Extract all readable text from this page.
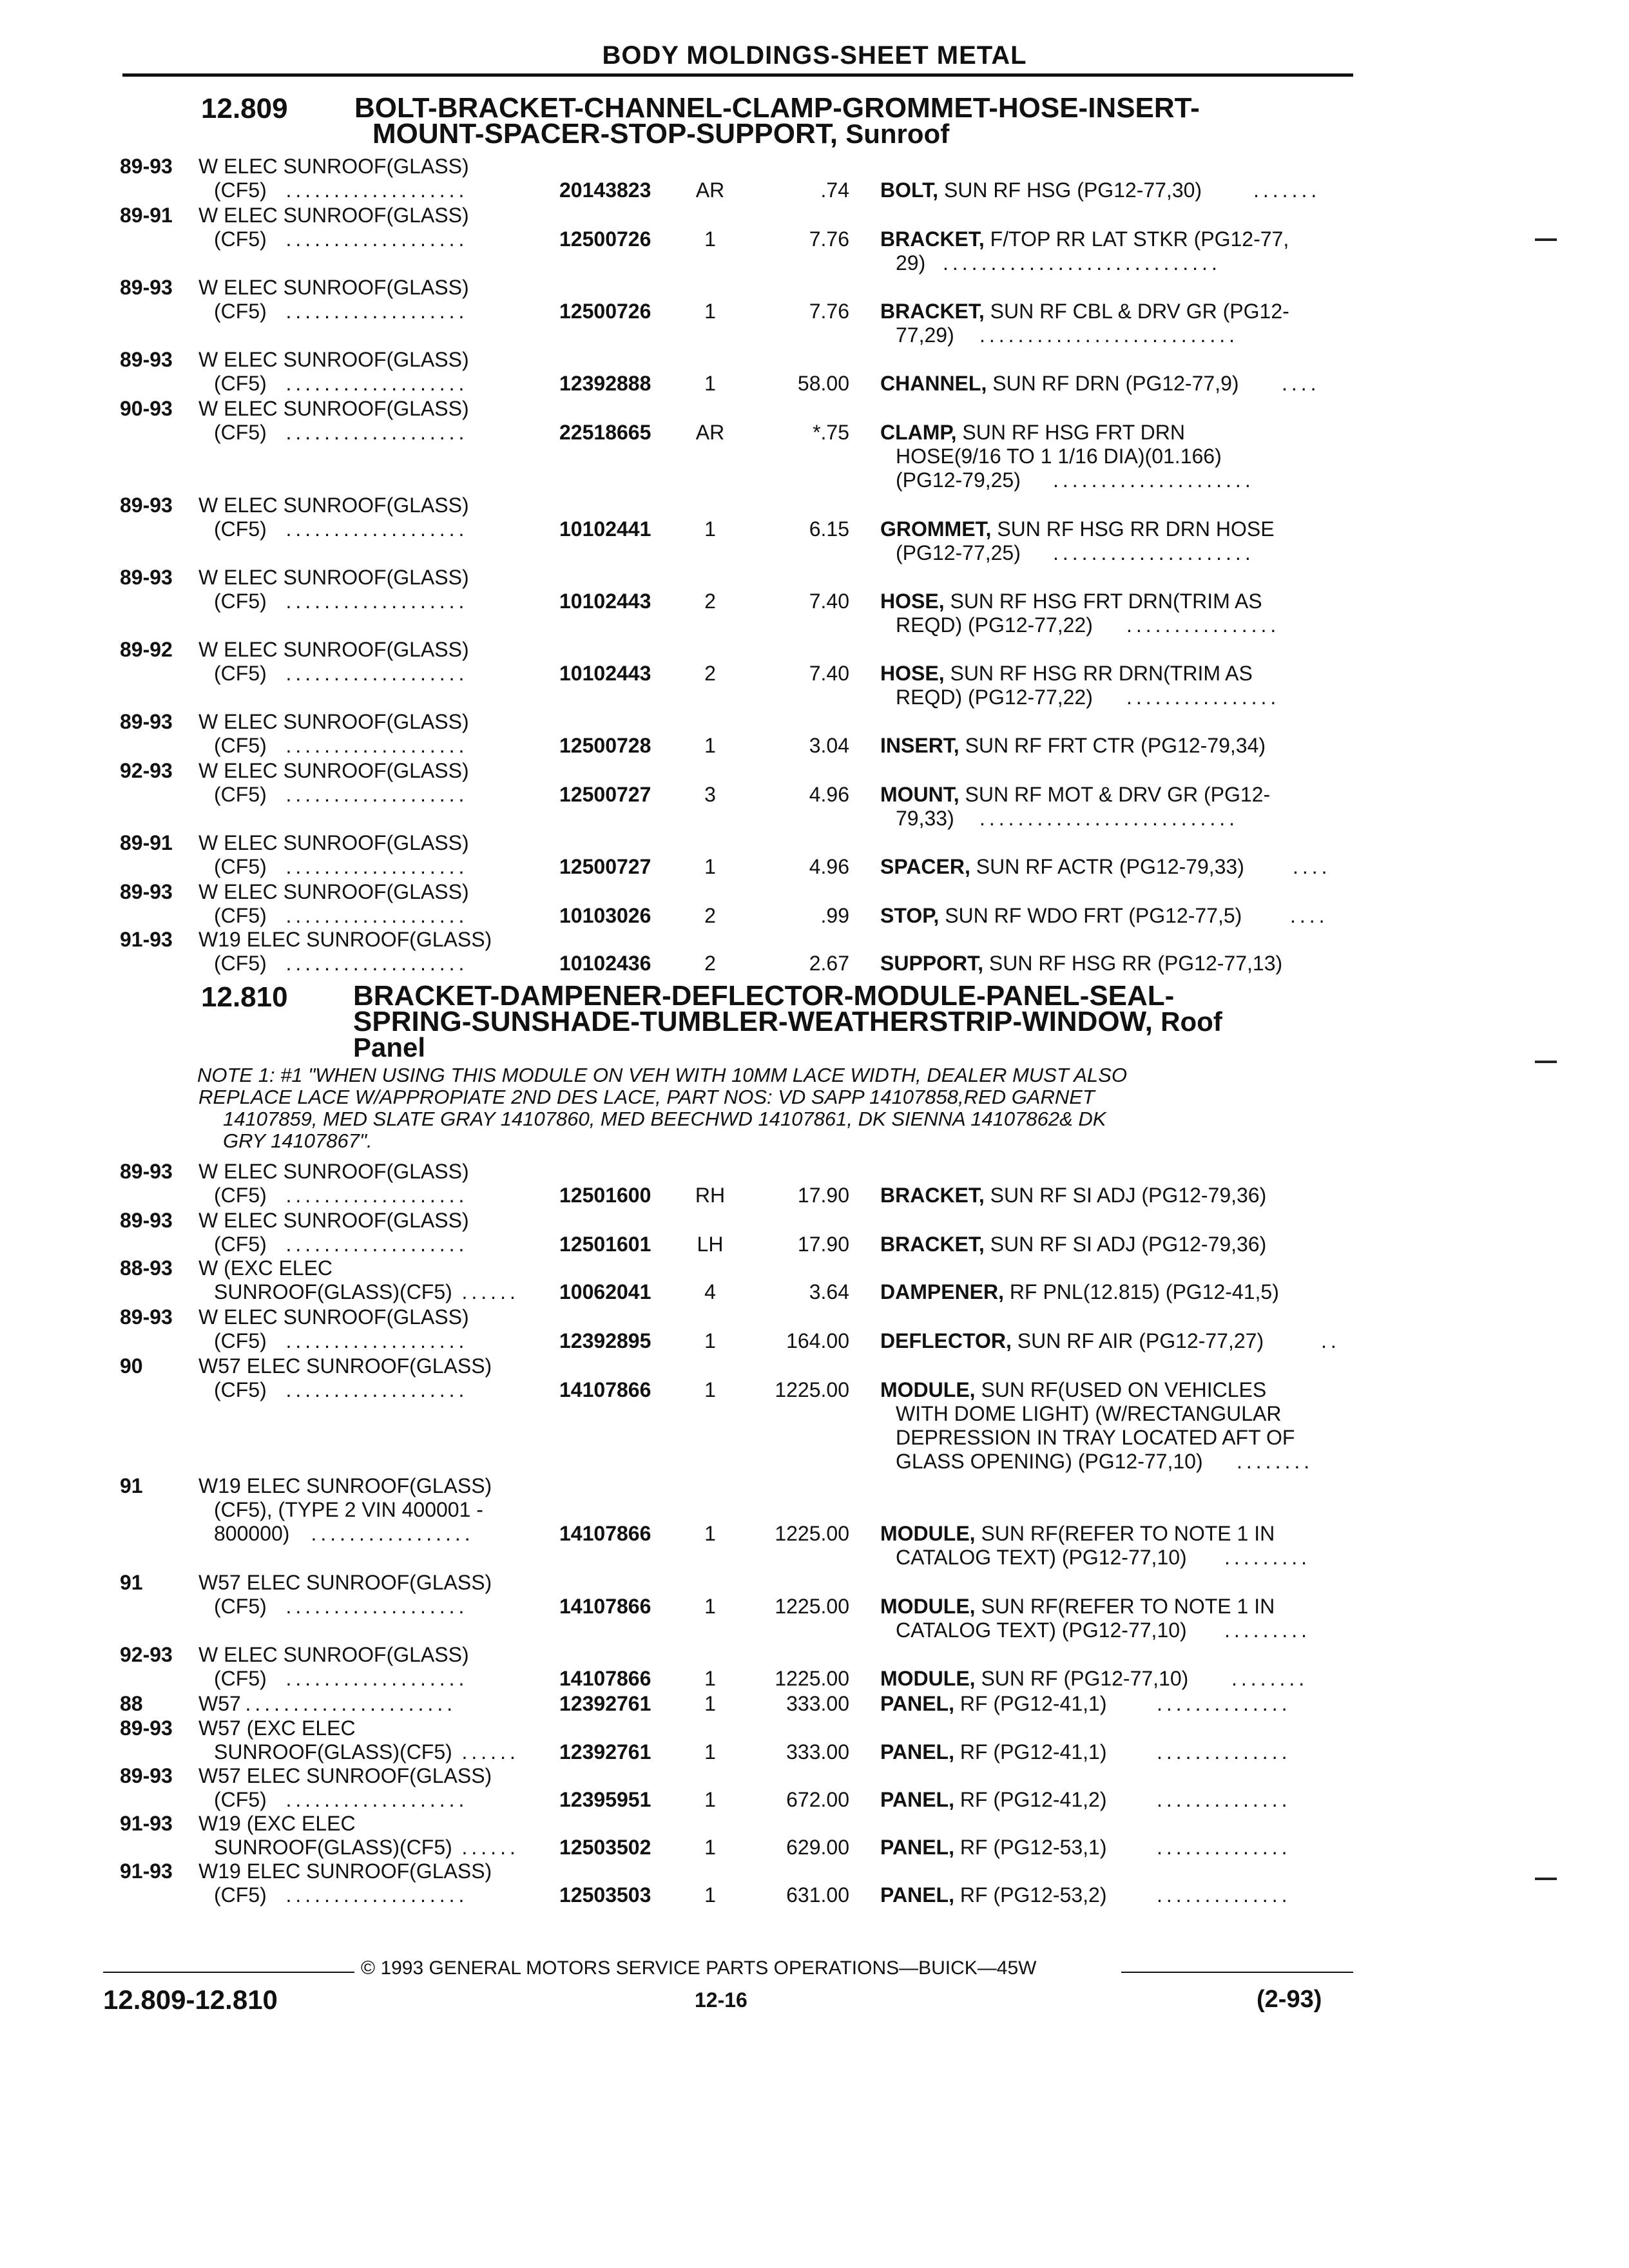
BODY MOLDINGS-SHEET METAL
12.809 BOLT-BRACKET-CHANNEL-CLAMP-GROMMET-HOSE-INSERT-
MOUNT-SPACER-STOP-SUPPORT, Sunroof
89-93 W ELEC SUNROOF(GLASS)
(CF5) ...................	20143823 AR	.74 BOLT, SUN RF HSG (PG12-77,30) .......
89-91 W ELEC SUNROOF(GLASS)
(CF5) ...................	12500726	1	7.76 BRACKET, F/TOP RR LAT STKR (PG12-77,
29) .............................
89-93 W ELEC SUNROOF(GLASS)
(CF5) ...................	12500726	1	7.76 BRACKET, SUN RF CBL & DRV GR (PG12-
77,29) ...........................
89-93 W ELEC SUNROOF(GLASS)
(CF5) ...................	12392888	1	58.00 CHANNEL, SUN RF DRN (PG12-77,9) ....
90-93 W ELEC SUNROOF(GLASS)
(CF5) ...................	22518665 AR	*.75 CLAMP, SUN RF HSG FRT DRN
HOSE(9/16 TO 1 1/16 DIA)(01.166)
(PG12-79,25) .....................
89-93 W ELEC SUNROOF(GLASS)
(CF5) ...................	10102441	1	6.15 GROMMET, SUN RF HSG RR DRN HOSE
(PG12-77,25) .....................
89-93 W ELEC SUNROOF(GLASS)
(CF5) ...................	10102443	2	7.40 HOSE, SUN RF HSG FRT DRN(TRIM AS
REQD) (PG12-77,22) ................
89-92 W ELEC SUNROOF(GLASS)
(CF5) ...................	10102443	2	7.40 HOSE, SUN RF HSG RR DRN(TRIM AS
REQD) (PG12-77,22) ................
89-93 W ELEC SUNROOF(GLASS)
(CF5) ...................	12500728	1	3.04 INSERT, SUN RF FRT CTR (PG12-79,34)
92-93 W ELEC SUNROOF(GLASS)
(CF5) ...................	12500727	3	4.96 MOUNT, SUN RF MOT & DRV GR (PG12-
79,33) ...........................
89-91 W ELEC SUNROOF(GLASS)
(CF5) ...................	12500727	1	4.96 SPACER, SUN RF ACTR (PG12-79,33) ....
89-93 W ELEC SUNROOF(GLASS)
(CF5) ...................	10103026	2	.99 STOP, SUN RF WDO FRT (PG12-77,5) ....
91-93 W19 ELEC SUNROOF(GLASS)
(CF5) ...................	10102436	2	2.67 SUPPORT, SUN RF HSG RR (PG12-77,13)
12.810 BRACKET-DAMPENER-DEFLECTOR-MODULE-PANEL-SEAL-
SPRING-SUNSHADE-TUMBLER-WEATHERSTRIP-WINDOW, Roof
Panel
NOTE 1: #1 "WHEN USING THIS MODULE ON VEH WITH 10MM LACE WIDTH, DEALER MUST ALSO
REPLACE LACE W/APPROPIATE 2ND DES LACE, PART NOS: VD SAPP 14107858,RED GARNET
14107859, MED SLATE GRAY 14107860, MED BEECHWD 14107861, DK SIENNA 14107862& DK
GRY 14107867".
89-93 W ELEC SUNROOF(GLASS)
(CF5) ...................	12501600 RH	17.90 BRACKET, SUN RF SI ADJ (PG12-79,36)
89-93 W ELEC SUNROOF(GLASS)
(CF5) ...................	12501601 LH	17.90 BRACKET, SUN RF SI ADJ (PG12-79,36)
88-93 W (EXC ELEC
SUNROOF(GLASS)(CF5) ......	10062041	4	3.64 DAMPENER, RF PNL(12.815) (PG12-41,5)
89-93 W ELEC SUNROOF(GLASS)
(CF5) ...................	12392895	1	164.00 DEFLECTOR, SUN RF AIR (PG12-77,27)	..
90	W57 ELEC SUNROOF(GLASS)
(CF5) ...................	14107866	1	1225.00 MODULE, SUN RF(USED ON VEHICLES
WITH DOME LIGHT) (W/RECTANGULAR
DEPRESSION IN TRAY LOCATED AFT OF
GLASS OPENING) (PG12-77,10) ........
91	W19 ELEC SUNROOF(GLASS)
(CF5), (TYPE 2 VIN 400001 -
800000) .................	14107866	1	1225.00 MODULE, SUN RF(REFER TO NOTE 1 IN
CATALOG TEXT) (PG12-77,10) .........
91	W57 ELEC SUNROOF(GLASS)
(CF5) ...................	14107866	1	1225.00 MODULE, SUN RF(REFER TO NOTE 1 IN
CATALOG TEXT) (PG12-77,10) .........
92-93 W ELEC SUNROOF(GLASS)
(CF5) ...................	14107866	1	1225.00 MODULE, SUN RF (PG12-77,10) ........
88	W57 ......................	12392761	1	333.00 PANEL, RF (PG12-41,1) ..............
89-93 W57 (EXC ELEC
SUNROOF(GLASS)(CF5) ......	12392761	1	333.00 PANEL, RF (PG12-41,1) ..............
89-93 W57 ELEC SUNROOF(GLASS)
(CF5) ...................	12395951	1	672.00 PANEL, RF (PG12-41,2) ..............
91-93 W19 (EXC ELEC
SUNROOF(GLASS)(CF5) ......	12503502	1	629.00 PANEL, RF (PG12-53,1) ..............
91-93 W19 ELEC SUNROOF(GLASS)
(CF5) ...................	12503503	1	631.00 PANEL, RF (PG12-53,2) ..............
© 1993 GENERAL MOTORS SERVICE PARTS OPERATIONS—BUICK—45W
12.809-12.810	12-16	(2-93)
